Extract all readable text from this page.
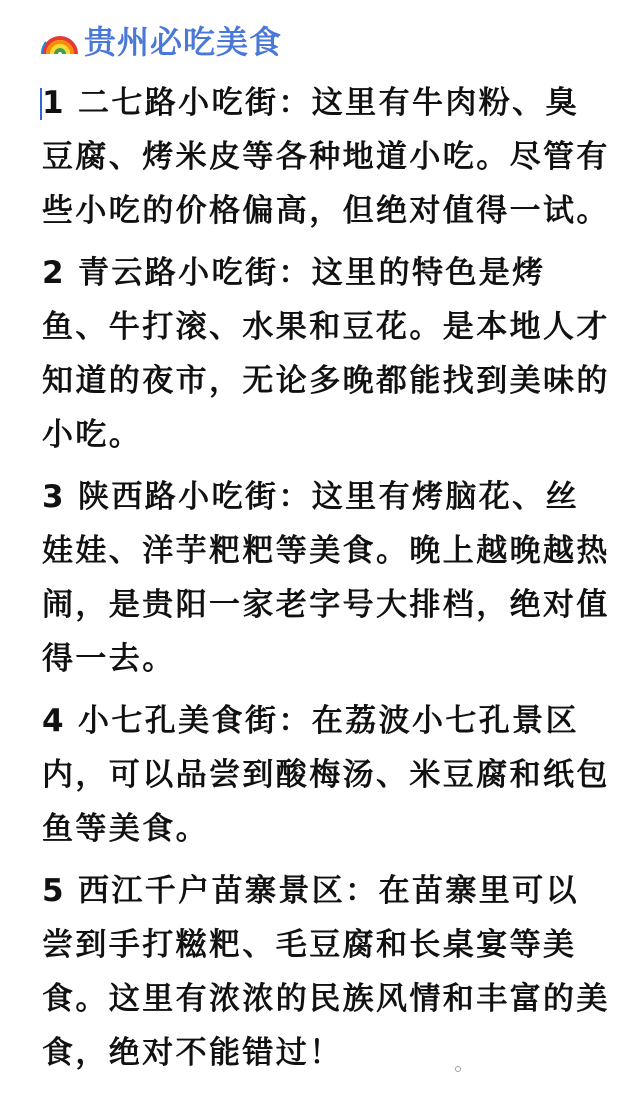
贵州必吃美食
1 二七路小吃街：这里有牛肉粉、臭豆腐、烤米皮等各种地道小吃。尽管有些小吃的价格偏高，但绝对值得一试。
2 青云路小吃街：这里的特色是烤鱼、牛打滚、水果和豆花。是本地人才知道的夜市，无论多晚都能找到美味的小吃。
3 陕西路小吃街：这里有烤脑花、丝娃娃、洋芋粑粑等美食。晚上越晚越热闹，是贵阳一家老字号大排档，绝对值得一去。
4 小七孔美食街：在荔波小七孔景区内，可以品尝到酸梅汤、米豆腐和纸包鱼等美食。
5 西江千户苗寨景区：在苗寨里可以尝到手打糍粑、毛豆腐和长桌宴等美食。这里有浓浓的民族风情和丰富的美食，绝对不能错过！
